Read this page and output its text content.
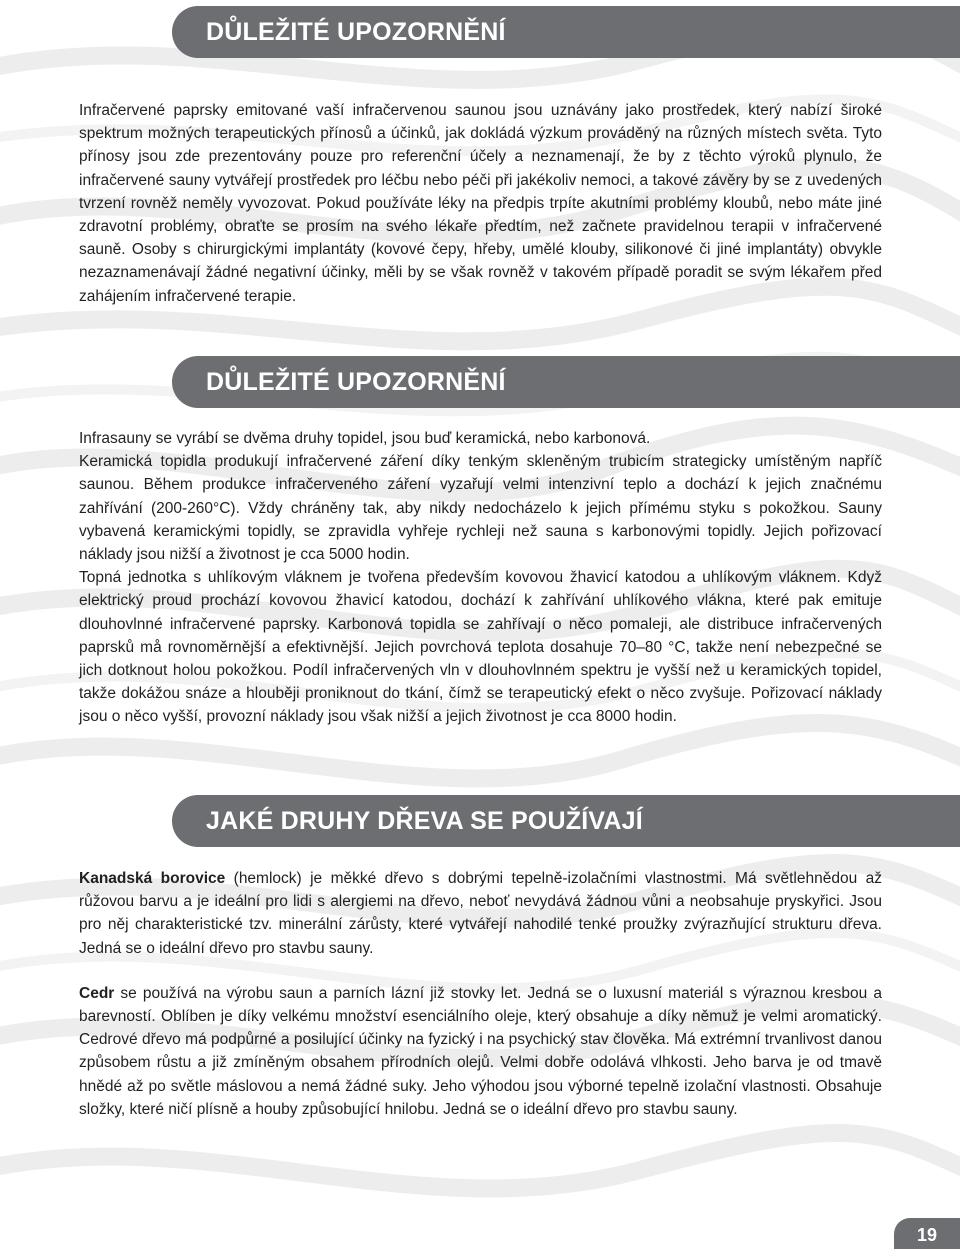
DŮLEŽITÉ UPOZORNĚNÍ

Infračervené paprsky emitované vaší infračervenou saunou jsou uznávány jako prostředek, který nabízí široké spektrum možných terapeutických přínosů a účinků, jak dokládá výzkum prováděný na různých místech světa. Tyto přínosy jsou zde prezentovány pouze pro referenční účely a neznamenají, že by z těchto výroků plynulo, že infračervené sauny vytvářejí prostředek pro léčbu nebo péči při jakékoliv nemoci, a takové závěry by se z uvedených tvrzení rovněž neměly vyvozovat. Pokud používáte léky na předpis trpíte akutními problémy kloubů, nebo máte jiné zdravotní problémy, obraťte se prosím na svého lékaře předtím, než začnete pravidelnou terapii v infračervené sauně. Osoby s chirurgickými implantáty (kovové čepy, hřeby, umělé klouby, silikonové či jiné implantáty) obvykle nezaznamenávají žádné negativní účinky, měli by se však rovněž v takovém případě poradit se svým lékařem před zahájením infračervené terapie.

DŮLEŽITÉ UPOZORNĚNÍ

Infrasauny se vyrábí se dvěma druhy topidel, jsou buď keramická, nebo karbonová.

Keramická topidla produkují infračervené záření díky tenkým skleněným trubicím strategicky umístěným napříč saunou. Během produkce infračerveného záření vyzařují velmi intenzivní teplo a dochází k jejich značnému zahřívání (200-260°C). Vždy chráněny tak, aby nikdy nedocházelo k jejich přímému styku s pokožkou. Sauny vybavená keramickými topidly, se zpravidla vyhřeje rychleji než sauna s karbonovými topidly. Jejich pořizovací náklady jsou nižší a životnost je cca 5000 hodin.

Topná jednotka s uhlíkovým vláknem je tvořena především kovovou žhavicí katodou a uhlíkovým vláknem. Když elektrický proud prochází kovovou žhavicí katodou, dochází k zahřívání uhlíkového vlákna, které pak emituje dlouhovlnné infračervené paprsky. Karbonová topidla se zahřívají o něco pomaleji, ale distribuce infračervených paprsků må rovnoměrnější a efektivnější. Jejich povrchová teplota dosahuje 70–80 °C, takže není nebezpečné se jich dotknout holou pokožkou. Podíl infračervených vln v dlouhovlnném spektru je vyšší než u keramických topidel, takže dokážou snáze a hlouběji proniknout do tkání, čímž se terapeutický efekt o něco zvyšuje. Pořizovací náklady jsou o něco vyšší, provozní náklady jsou však nižší a jejich životnost je cca 8000 hodin.

JAKÉ DRUHY DŘEVA SE POUŽÍVAJÍ

Kanadská borovice (hemlock) je měkké dřevo s dobrými tepelně-izolačními vlastnostmi. Má světlehnědou až růžovou barvu a je ideální pro lidi s alergiemi na dřevo, neboť nevydává žádnou vůni a neobsahuje pryskyřici. Jsou pro něj charakteristické tzv. minerální zárůsty, které vytvářejí nahodilé tenké proužky zvýrazňující strukturu dřeva. Jedná se o ideální dřevo pro stavbu sauny.

Cedr se používá na výrobu saun a parních lázní již stovky let. Jedná se o luxusní materiál s výraznou kresbou a barevností. Oblíben je díky velkému množství esenciálního oleje, který obsahuje a díky němuž je velmi aromatický. Cedrové dřevo má podpůrné a posilující účinky na fyzický i na psychický stav člověka. Má extrémní trvanlivost danou způsobem růstu a již zmíněným obsahem přírodních olejů. Velmi dobře odolává vlhkosti. Jeho barva je od tmavě hnědé až po světle máslovou a nemá žádné suky. Jeho výhodou jsou výborné tepelně izolační vlastnosti. Obsahuje složky, které ničí plísně a houby způsobující hnilobu. Jedná se o ideální dřevo pro stavbu sauny.

19
